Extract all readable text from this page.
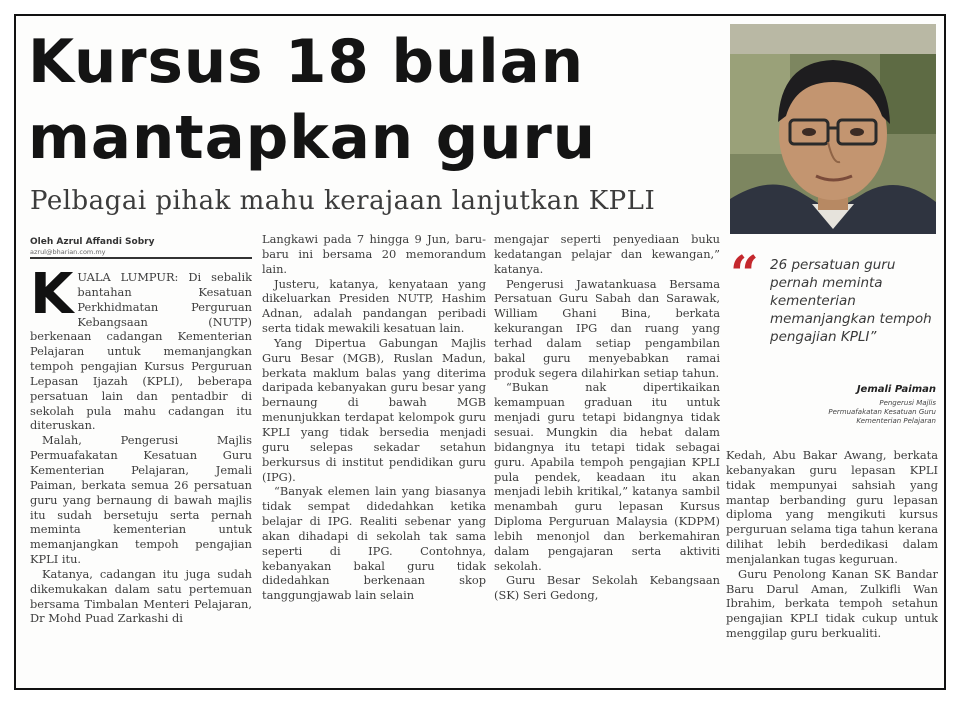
Kursus 18 bulan
mantapkan guru
Pelbagai pihak mahu kerajaan lanjutkan KPLI
Oleh Azrul Affandi Sobry
azrul@bharian.com.my

KUALA LUMPUR: Di sebalik bantahan Kesatuan Perkhidmatan Perguruan Kebangsaan (NUTP) berkenaan cadangan Kementerian Pelajaran untuk memanjangkan tempoh pengajian Kursus Perguruan Lepasan Ijazah (KPLI), beberapa persatuan lain dan pentadbir di sekolah pula mahu cadangan itu diteruskan.

Malah, Pengerusi Majlis Permuafakatan Kesatuan Guru Kementerian Pelajaran, Jemali Paiman, berkata semua 26 persatuan guru yang bernaung di bawah majlis itu sudah bersetuju serta pernah meminta kementerian untuk memanjangkan tempoh pengajian KPLI itu.

Katanya, cadangan itu juga sudah dikemukakan dalam satu pertemuan bersama Timbalan Menteri Pelajaran, Dr Mohd Puad Zarkashi di

Langkawi pada 7 hingga 9 Jun, baru-baru ini bersama 20 memorandum lain.

Justeru, katanya, kenyataan yang dikeluarkan Presiden NUTP, Hashim Adnan, adalah pandangan peribadi serta tidak mewakili kesatuan lain.

Yang Dipertua Gabungan Majlis Guru Besar (MGB), Ruslan Madun, berkata maklum balas yang diterima daripada kebanyakan guru besar yang bernaung di bawah MGB menunjukkan terdapat kelompok guru KPLI yang tidak bersedia menjadi guru selepas sekadar setahun berkursus di institut pendidikan guru (IPG).

“Banyak elemen lain yang biasanya tidak sempat didedahkan ketika belajar di IPG. Realiti sebenar yang akan dihadapi di sekolah tak sama seperti di IPG. Contohnya, kebanyakan bakal guru tidak didedahkan berkenaan skop tanggungjawab lain selain

mengajar seperti penyediaan buku kedatangan pelajar dan kewangan,” katanya.

Pengerusi Jawatankuasa Bersama Persatuan Guru Sabah dan Sarawak, William Ghani Bina, berkata kekurangan IPG dan ruang yang terhad dalam setiap pengambilan bakal guru menyebabkan ramai produk segera dilahirkan setiap tahun.

“Bukan nak dipertikaikan kemampuan graduan itu untuk menjadi guru tetapi bidangnya tidak sesuai. Mungkin dia hebat dalam bidangnya itu tetapi tidak sebagai guru. Apabila tempoh pengajian KPLI pula pendek, keadaan itu akan menjadi lebih kritikal,” katanya sambil menambah guru lepasan Kursus Diploma Perguruan Malaysia (KDPM) lebih menonjol dan berkemahiran dalam pengajaran serta aktiviti sekolah.

Guru Besar Sekolah Kebangsaan (SK) Seri Gedong,

“ 26 persatuan guru pernah meminta kementerian memanjangkan tempoh pengajian KPLI”
Jemali Paiman
Pengerusi Majlis
Permuafakatan Kesatuan Guru
Kementerian Pelajaran

Kedah, Abu Bakar Awang, berkata kebanyakan guru lepasan KPLI tidak mempunyai sahsiah yang mantap berbanding guru lepasan diploma yang mengikuti kursus perguruan selama tiga tahun kerana dilihat lebih berdedikasi dalam menjalankan tugas keguruan.

Guru Penolong Kanan SK Bandar Baru Darul Aman, Zulkifli Wan Ibrahim, berkata tempoh setahun pengajian KPLI tidak cukup untuk menggilap guru berkualiti.
